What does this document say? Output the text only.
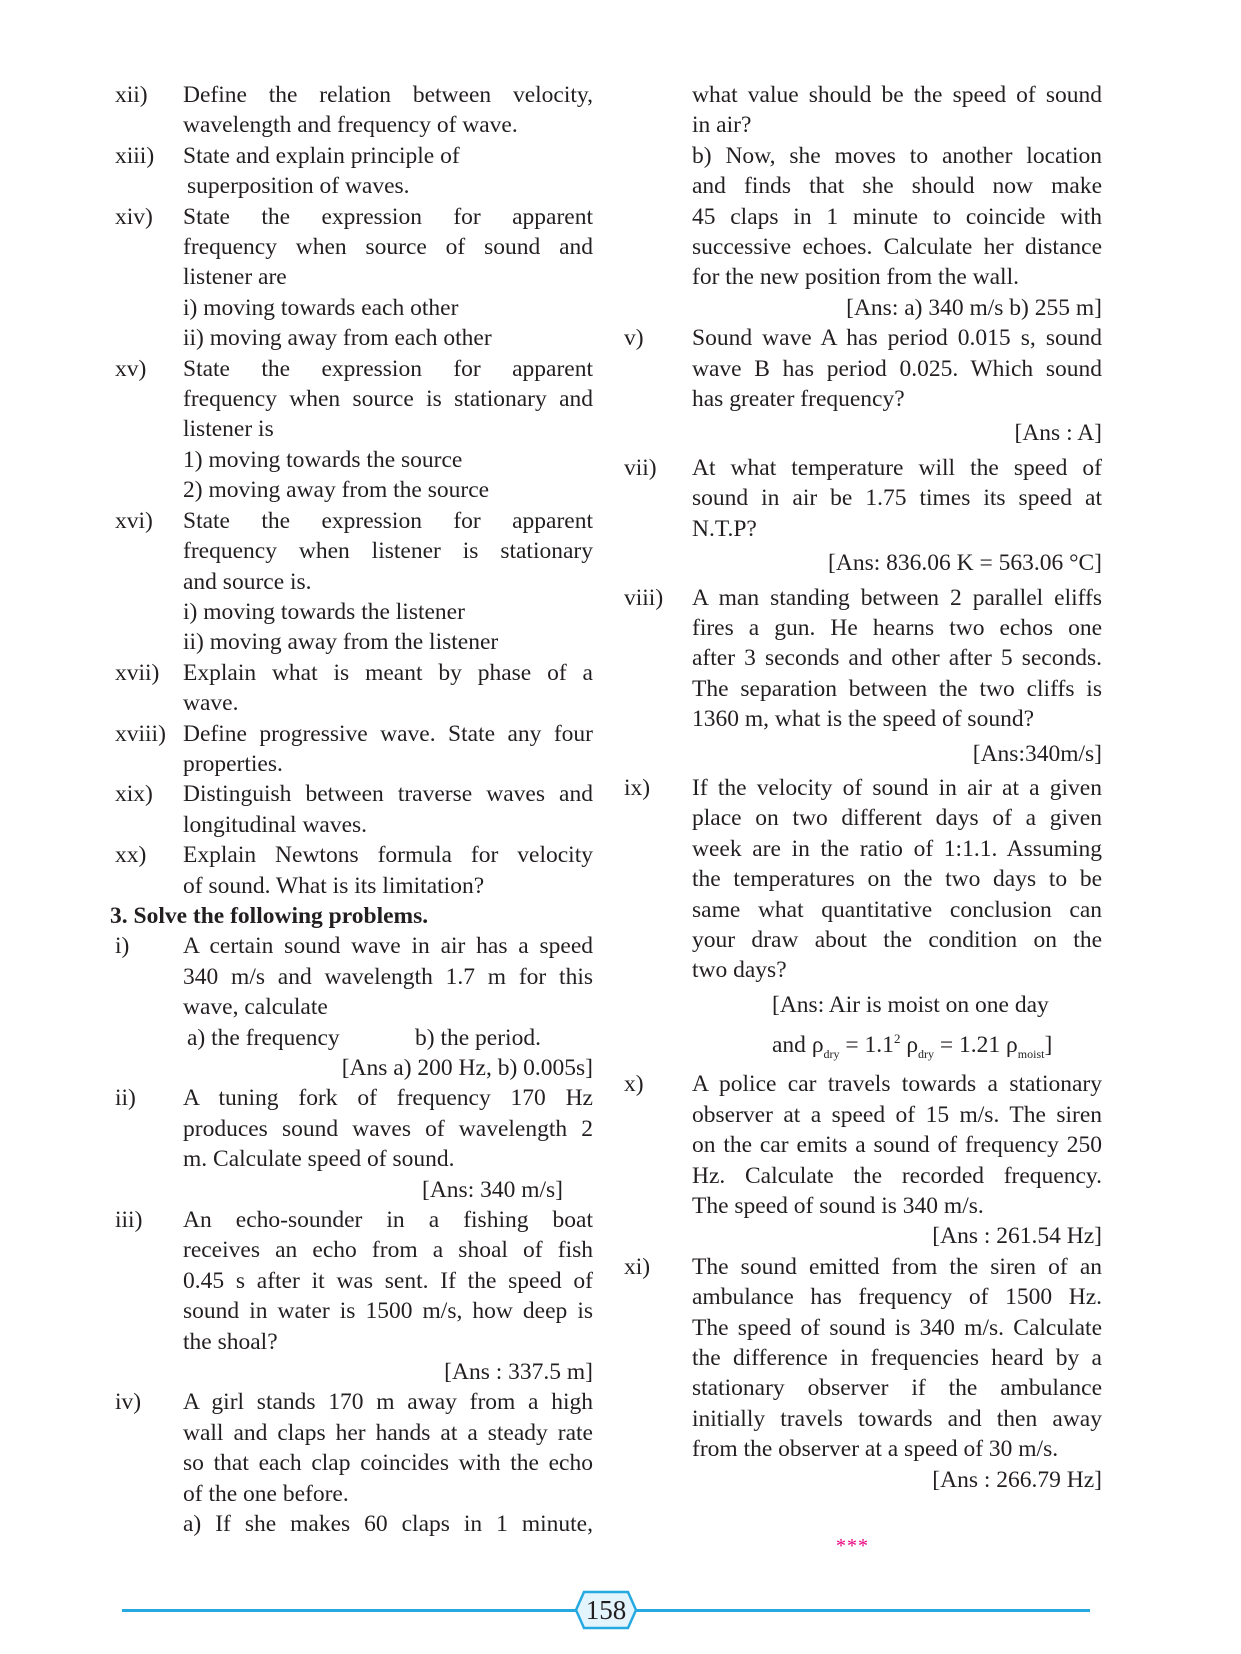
xii)	Define the relation between velocity,
wavelength and frequency of wave.
xiii)	State and explain principle of
superposition of waves.
xiv)	State the expression for apparent
frequency when source of sound and
listener are
i) moving towards each other
ii) moving away from each other
xv)	State the expression for apparent
frequency when source is stationary and
listener is
1) moving towards the source
2) moving away from the source
xvi)	State the expression for apparent
frequency when listener is stationary
and source is.
i) moving towards the listener
ii) moving away from the listener
xvii)	Explain what is meant by phase of a
wave.
xviii) Define progressive wave. State any four
properties.
xix)	Distinguish between traverse waves and
longitudinal waves.
xx)	Explain Newtons formula for velocity
of sound. What is its limitation?
3. Solve the following problems.
i)	A certain sound wave in air has a speed
340 m/s and wavelength 1.7 m for this
wave, calculate
a) the frequency	b) the period.
[Ans a) 200 Hz, b) 0.005s]
ii)	A tuning fork of frequency 170 Hz
produces sound waves of wavelength 2
m. Calculate speed of sound.
[Ans: 340 m/s]
iii)	An echo-sounder in a fishing boat
receives an echo from a shoal of fish
0.45 s after it was sent. If the speed of
sound in water is 1500 m/s, how deep is
the shoal?
[Ans : 337.5 m]
iv)	A girl stands 170 m away from a high
wall and claps her hands at a steady rate
so that each clap coincides with the echo
of the one before.
a) If she makes 60 claps in 1 minute,
what value should be the speed of sound
in air?
b) Now, she moves to another location
and finds that she should now make
45 claps in 1 minute to coincide with
successive echoes. Calculate her distance
for the new position from the wall.
[Ans: a) 340 m/s b) 255 m]
v)	Sound wave A has period 0.015 s, sound
wave B has period 0.025. Which sound
has greater frequency?
[Ans : A]
vii)	At what temperature will the speed of
sound in air be 1.75 times its speed at
N.T.P?
[Ans: 836.06 K = 563.06 °C]
viii)	A man standing between 2 parallel eliffs
fires a gun. He hearns two echos one
after 3 seconds and other after 5 seconds.
The separation between the two cliffs is
1360 m, what is the speed of sound?
[Ans:340m/s]
ix)	If the velocity of sound in air at a given
place on two different days of a given
week are in the ratio of 1:1.1. Assuming
the temperatures on the two days to be
same what quantitative conclusion can
your draw about the condition on the
two days?
[Ans: Air is moist on one day
and $\rho_{dry} = 1.1^2$ $\rho_{dry} = 1.21$ $\rho_{moist}$]
x)	A police car travels towards a stationary
observer at a speed of 15 m/s. The siren
on the car emits a sound of frequency 250
Hz. Calculate the recorded frequency.
The speed of sound is 340 m/s.
[Ans : 261.54 Hz]
xi)	The sound emitted from the siren of an
ambulance has frequency of 1500 Hz.
The speed of sound is 340 m/s. Calculate
the difference in frequencies heard by a
stationary observer if the ambulance
initially travels towards and then away
from the observer at a speed of 30 m/s.
[Ans : 266.79 Hz]
***
158
